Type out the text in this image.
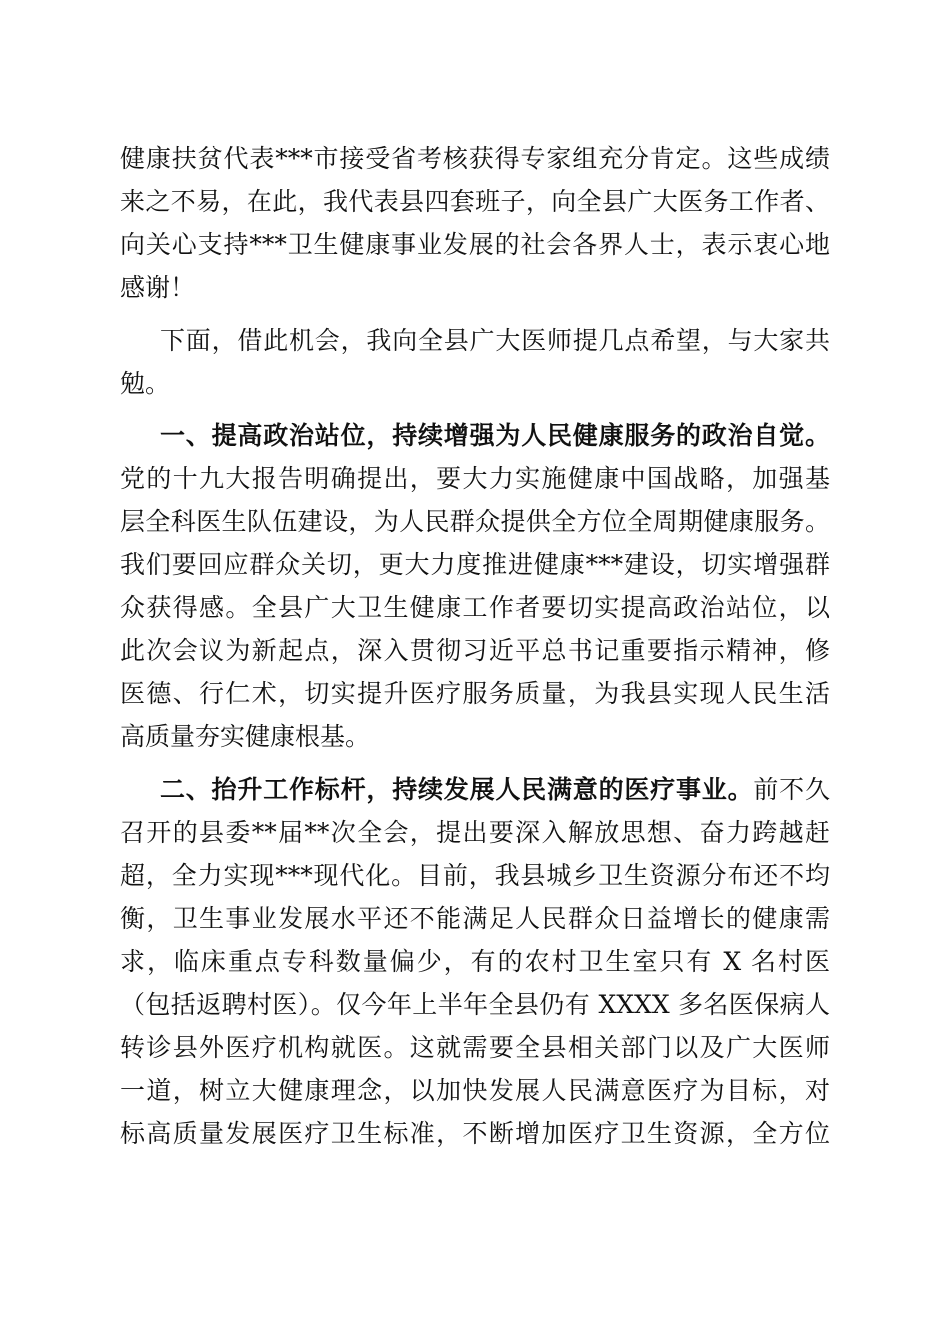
健康扶贫代表***市接受省考核获得专家组充分肯定。这些成绩
来之不易，在此，我代表县四套班子，向全县广大医务工作者、
向关心支持***卫生健康事业发展的社会各界人士，表示衷心地
感谢！
下面，借此机会，我向全县广大医师提几点希望，与大家共
勉。
一、提高政治站位，持续增强为人民健康服务的政治自觉。
党的十九大报告明确提出，要大力实施健康中国战略，加强基
层全科医生队伍建设，为人民群众提供全方位全周期健康服务。
我们要回应群众关切，更大力度推进健康***建设，切实增强群
众获得感。全县广大卫生健康工作者要切实提高政治站位，以
此次会议为新起点，深入贯彻习近平总书记重要指示精神，修
医德、行仁术，切实提升医疗服务质量，为我县实现人民生活
高质量夯实健康根基。
二、抬升工作标杆，持续发展人民满意的医疗事业。前不久
召开的县委**届**次全会，提出要深入解放思想、奋力跨越赶
超，全力实现***现代化。目前，我县城乡卫生资源分布还不均
衡，卫生事业发展水平还不能满足人民群众日益增长的健康需
求，临床重点专科数量偏少，有的农村卫生室只有 X 名村医
（包括返聘村医）。仅今年上半年全县仍有 XXXX 多名医保病人
转诊县外医疗机构就医。这就需要全县相关部门以及广大医师
一道，树立大健康理念，以加快发展人民满意医疗为目标，对
标高质量发展医疗卫生标准，不断增加医疗卫生资源，全方位
